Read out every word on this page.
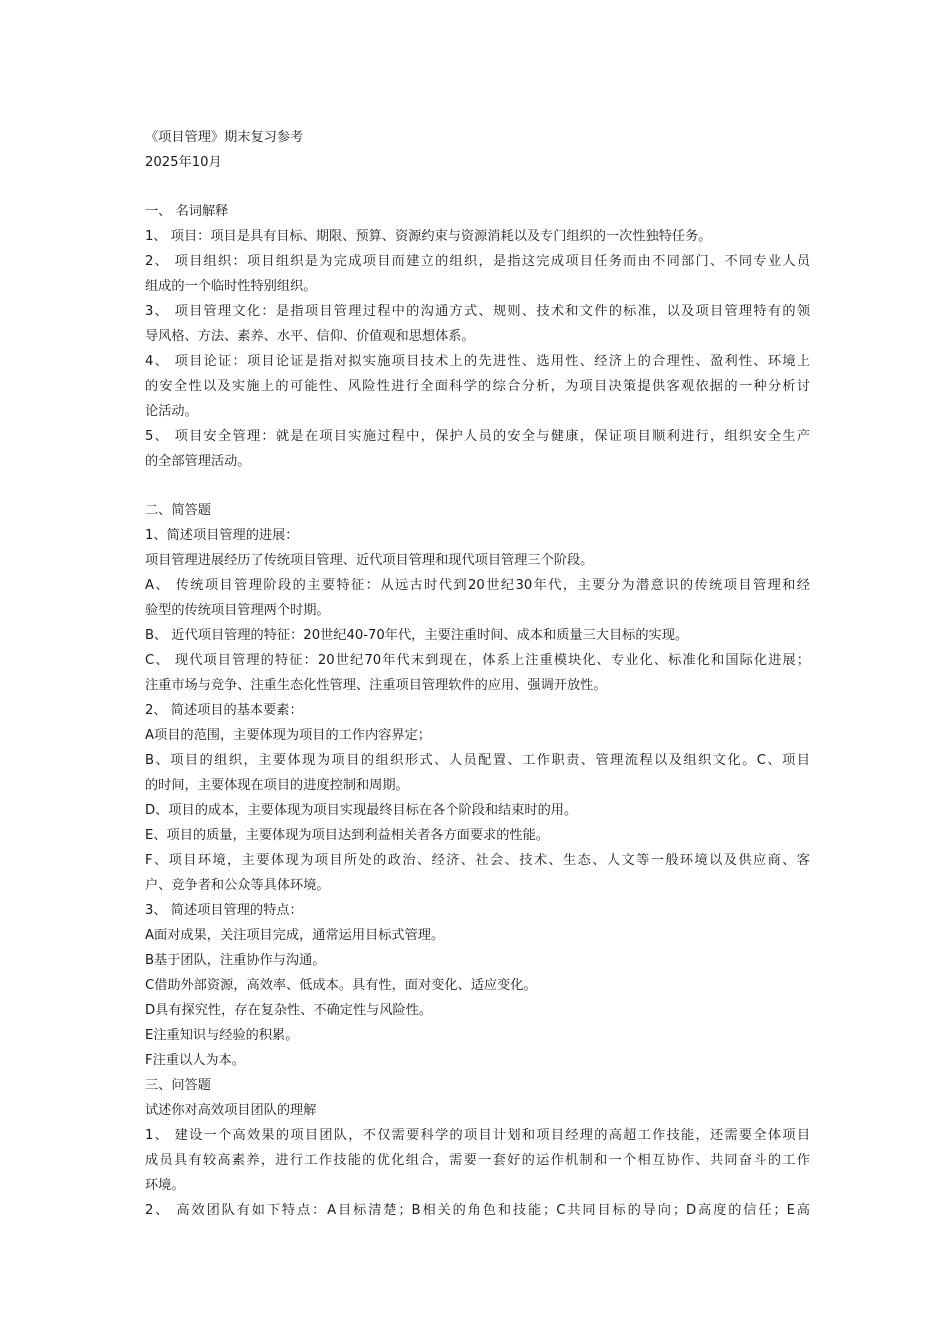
《项目管理》期末复习参考
2025年10月
一、 名词解释
1、 项目：项目是具有目标、期限、预算、资源约束与资源消耗以及专门组织的一次性独特任务。
2、 项目组织：项目组织是为完成项目而建立的组织，是指这完成项目任务而由不同部门、不同专业人员
组成的一个临时性特别组织。
3、 项目管理文化：是指项目管理过程中的沟通方式、规则、技术和文件的标准，以及项目管理特有的领
导风格、方法、素养、水平、信仰、价值观和思想体系。
4、 项目论证：项目论证是指对拟实施项目技术上的先进性、选用性、经济上的合理性、盈利性、环境上
的安全性以及实施上的可能性、风险性进行全面科学的综合分析，为项目决策提供客观依据的一种分析讨
论活动。
5、 项目安全管理：就是在项目实施过程中，保护人员的安全与健康，保证项目顺利进行，组织安全生产
的全部管理活动。
二、简答题
1、简述项目管理的进展：
项目管理进展经历了传统项目管理、近代项目管理和现代项目管理三个阶段。
A、 传统项目管理阶段的主要特征：从远古时代到20世纪30年代，主要分为潜意识的传统项目管理和经
验型的传统项目管理两个时期。
B、 近代项目管理的特征：20世纪40-70年代，主要注重时间、成本和质量三大目标的实现。
C、 现代项目管理的特征：20世纪70年代末到现在，体系上注重模块化、专业化、标准化和国际化进展；
注重市场与竞争、注重生态化性管理、注重项目管理软件的应用、强调开放性。
2、 简述项目的基本要素：
A项目的范围，主要体现为项目的工作内容界定；
B、项目的组织，主要体现为项目的组织形式、人员配置、工作职责、管理流程以及组织文化。C、项目
的时间，主要体现在项目的进度控制和周期。
D、项目的成本，主要体现为项目实现最终目标在各个阶段和结束时的用。
E、项目的质量，主要体现为项目达到利益相关者各方面要求的性能。
F、项目环境，主要体现为项目所处的政治、经济、社会、技术、生态、人文等一般环境以及供应商、客
户、竞争者和公众等具体环境。
3、 简述项目管理的特点：
A面对成果，关注项目完成，通常运用目标式管理。
B基于团队，注重协作与沟通。
C借助外部资源，高效率、低成本。具有性，面对变化、适应变化。
D具有探究性，存在复杂性、不确定性与风险性。
E注重知识与经验的积累。
F注重以人为本。
三、问答题
试述你对高效项目团队的理解
1、 建设一个高效果的项目团队，不仅需要科学的项目计划和项目经理的高超工作技能，还需要全体项目
成员具有较高素养，进行工作技能的优化组合，需要一套好的运作机制和一个相互协作、共同奋斗的工作
环境。
2、 高效团队有如下特点：A目标清楚；B相关的角色和技能；C共同目标的导向；D高度的信任；E高
